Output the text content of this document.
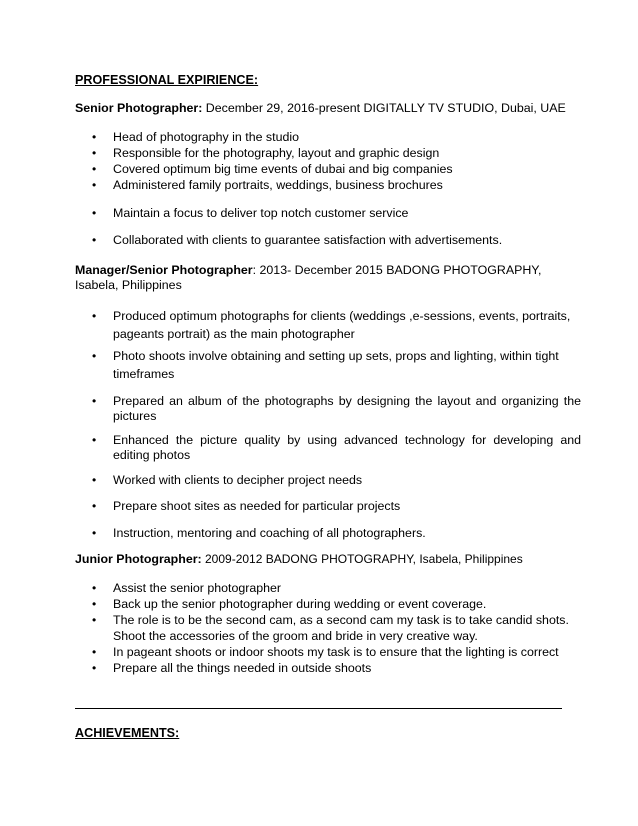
PROFESSIONAL EXPIRIENCE:
Senior Photographer: December 29, 2016-present DIGITALLY TV STUDIO, Dubai, UAE
• Head of photography in the studio
• Responsible for the photography, layout and graphic design
• Covered optimum big time events of dubai and big companies
• Administered family portraits, weddings, business brochures
• Maintain a focus to deliver top notch customer service
• Collaborated with clients to guarantee satisfaction with advertisements.
Manager/Senior Photographer: 2013- December 2015 BADONG PHOTOGRAPHY,
Isabela, Philippines
• Produced optimum photographs for clients (weddings ,e-sessions, events, portraits,
pageants portrait) as the main photographer
• Photo shoots involve obtaining and setting up sets, props and lighting, within tight
timeframes
• Prepared an album of the photographs by designing the layout and organizing the
pictures
• Enhanced the picture quality by using advanced technology for developing and
editing photos
• Worked with clients to decipher project needs
• Prepare shoot sites as needed for particular projects
• Instruction, mentoring and coaching of all photographers.
Junior Photographer: 2009-2012 BADONG PHOTOGRAPHY, Isabela, Philippines
• Assist the senior photographer
• Back up the senior photographer during wedding or event coverage.
• The role is to be the second cam, as a second cam my task is to take candid shots.
Shoot the accessories of the groom and bride in very creative way.
• In pageant shoots or indoor shoots my task is to ensure that the lighting is correct
• Prepare all the things needed in outside shoots
ACHIEVEMENTS:
